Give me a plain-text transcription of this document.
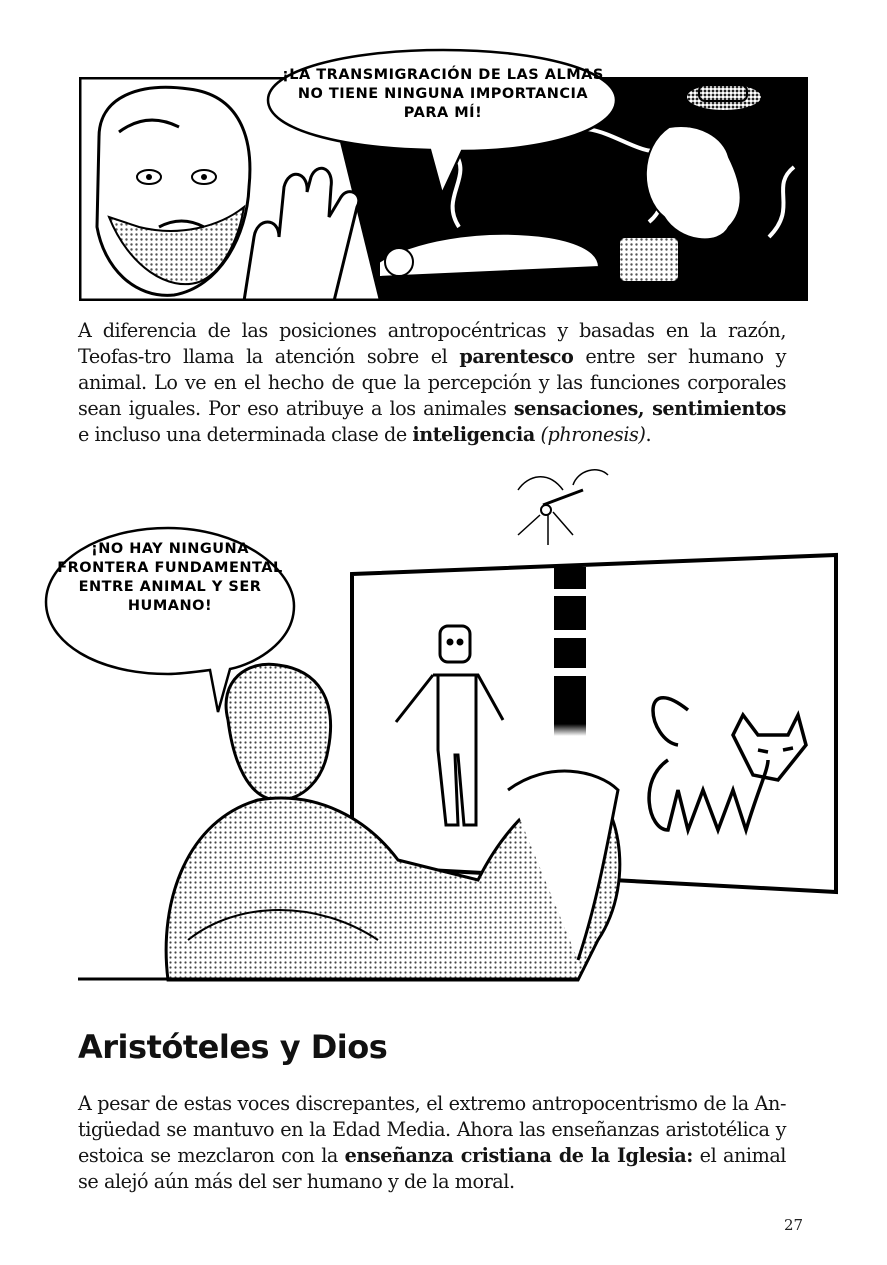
¡LA TRANSMIGRACIÓN DE LAS ALMAS NO TIENE NINGUNA IMPORTANCIA PARA MÍ!

A diferencia de las posiciones antropocéntricas y basadas en la razón, Teofas-tro llama la atención sobre el parentesco entre ser humano y animal. Lo ve en el hecho de que la percepción y las funciones corporales sean iguales. Por eso atribuye a los animales sensaciones, sentimientos e incluso una determinada clase de inteligencia (phronesis).

¡NO HAY NINGUNA FRONTERA FUNDAMENTAL ENTRE ANIMAL Y SER HUMANO!
Aristóteles y Dios

A pesar de estas voces discrepantes, el extremo antropocentrismo de la An-tigüedad se mantuvo en la Edad Media. Ahora las enseñanzas aristotélica y estoica se mezclaron con la enseñanza cristiana de la Iglesia: el animal se alejó aún más del ser humano y de la moral.

27
